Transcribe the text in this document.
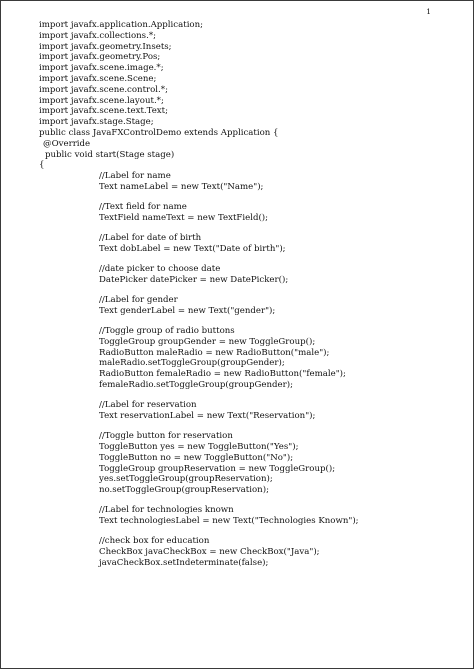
1
import javafx.application.Application;
import javafx.collections.*;
import javafx.geometry.Insets;
import javafx.geometry.Pos;
import javafx.scene.image.*;
import javafx.scene.Scene;
import javafx.scene.control.*;
import javafx.scene.layout.*;
import javafx.scene.text.Text;
import javafx.stage.Stage;
public class JavaFXControlDemo extends Application {
@Override
public void start(Stage stage)
{
//Label for name
Text nameLabel = new Text("Name");
//Text field for name
TextField nameText = new TextField();
//Label for date of birth
Text dobLabel = new Text("Date of birth");
//date picker to choose date
DatePicker datePicker = new DatePicker();
//Label for gender
Text genderLabel = new Text("gender");
//Toggle group of radio buttons
ToggleGroup groupGender = new ToggleGroup();
RadioButton maleRadio = new RadioButton("male");
maleRadio.setToggleGroup(groupGender);
RadioButton femaleRadio = new RadioButton("female");
femaleRadio.setToggleGroup(groupGender);
//Label for reservation
Text reservationLabel = new Text("Reservation");
//Toggle button for reservation
ToggleButton yes = new ToggleButton("Yes");
ToggleButton no = new ToggleButton("No");
ToggleGroup groupReservation = new ToggleGroup();
yes.setToggleGroup(groupReservation);
no.setToggleGroup(groupReservation);
//Label for technologies known
Text technologiesLabel = new Text("Technologies Known");
//check box for education
CheckBox javaCheckBox = new CheckBox("Java");
javaCheckBox.setIndeterminate(false);
